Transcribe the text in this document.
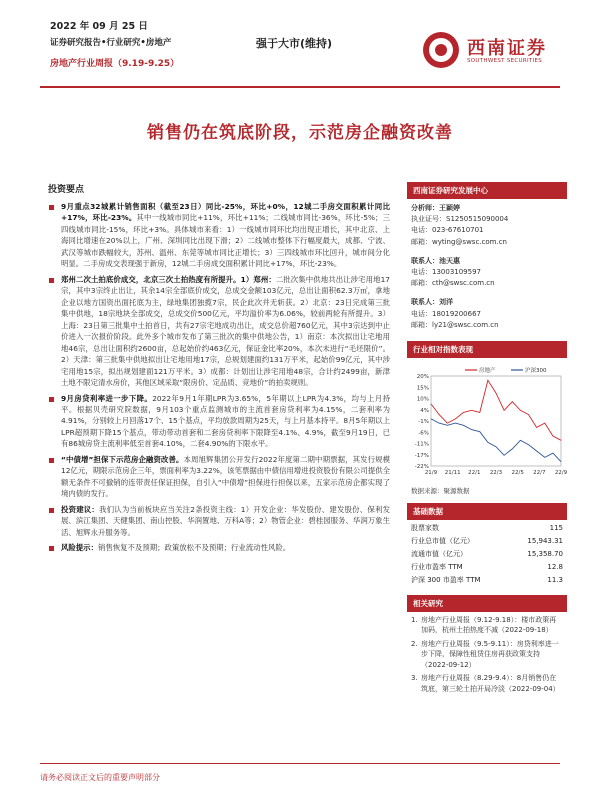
2022 年 09 月 25 日
证券研究报告•行业研究•房地产
房地产行业周报（9.19-9.25）
强于大市(维持)	西南证券
SOUTHWEST SECURITIES
销售仍在筑底阶段，示范房企融资改善
投资要点
9月重点32城累计销售面积（截至23日）同比-25%，环比+0%，12城二手房交面积累计同比+17%，环比-23%。其中一线城市同比+11%，环比+11%；二线城市同比-36%，环比-5%；三四线城市同比-15%，环比+3%。具体城市来看：1）一线城市同环比均出现正增长，其中北京、上海同比增速在20%以上，广州、深圳同比出现下滑；2）二线城市整体下行幅度最大，成都、宁波、武汉等城市跌幅较大，苏州、温州、东莞等城市同比正增长；3）三四线城市环比回升，城市间分化明显。二手房成交表现强于新房，12城二手房成交面积累计同比+17%，环比-23%。
郑州二次土拍底价成交，北京三次土拍热度有所提升。1）郑州：二批次集中供地共出让涉宅用地17宗，其中3宗终止出让，其余14宗全部底价成交，总成交金额103亿元，总出让面积62.3万㎡，拿地企业以地方国资出面托底为主，绿地集团独揽7宗，民企此次并无斩获。2）北京：23日完成第三批集中供地，18宗地块全部成交，总成交价500亿元，平均溢价率为6.06%，较前两轮有所提升。3）上海：23日第三批集中土拍首日，共有27宗宅地成功出让，成交总价超760亿元，其中3宗达到中止价进入一次报价阶段。此外多个城市发布了第三批次的集中供地公告，1）南京：本次拟出让宅地用地46宗，总出让面积约2600亩，总起始价约463亿元，保证金比率20%，本次未进行“毛坯限价”。2）天津：第三批集中供地拟出让宅地用地17宗，总规划建面约131万平米，起始价99亿元，其中涉宅用地15宗，拟出规划建面121万平米。3）成都：计划出让涉宅用地48宗，合计约2499亩，新津土地不限定清水房价，其他区域采取“限房价、定品质、竞地价”的拍卖规则。
9月房贷利率进一步下降。2022年9月1年期LPR为3.65%，5年期以上LPR为4.3%，均与上月持平。根据贝壳研究院数据，9月103个重点监测城市的主流首套房贷利率为4.15%，二套利率为4.91%，分别较上月回落17个、15个基点，平均放款周期为25天，与上月基本持平。8月5年期以上LPR超预期下降15个基点，带动带动首套和二套房贷利率下限降至4.1%、4.9%，截至9月19日，已有86城房贷主流利率低至首套4.10%，二套4.90%的下限水平。
“中债增”担保下示范房企融资改善。本周旭辉集团公开发行2022年度第二期中期票据，其发行规模12亿元，期限示范房企三年，票面利率为3.22%，该笔票据由中债信用增进投资股份有限公司提供全额无条件不可撤销的连带责任保证担保，自引入“中债增”担保进行担保以来，五家示范房企都实现了境内债的发行。
投资建议：我们认为当前板块应当关注2条投资主线：1）开发企业：华发股份、建发股份、保利发展、滨江集团、天健集团、南山控股、华润置地、万科A等；2）物管企业：碧桂园服务、华润万象生活、旭辉永升服务等。
风险提示：销售恢复不及预期；政策放松不及预期；行业流动性风险。
西南证券研究发展中心
分析师：王颖婷
执业证号：S1250515090004
电话：023-67610701
邮箱：wyting@swsc.com.cn
联系人：池天惠
电话：13003109597
邮箱：cth@swsc.com.cn
联系人：刘洋
电话：18019200667
邮箱：ly21@swsc.com.cn
行业相对指数表现
20%
15%
10%
4%
-1%
-6%
-11%
-17%
-22%
21/9 21/11 22/1 22/3 22/5 22/7 22/9
房地产	沪深300
数据来源：聚源数据
基础数据
股票家数	115
行业总市值（亿元）	15,943.31
流通市值（亿元）	15,358.70
行业市盈率 TTM	12.8
沪深 300 市盈率 TTM	11.3
相关研究
1. 房地产行业周报（9.12-9.18）：楼市政策再加码，杭州土拍热度不减（2022-09-18）
2. 房地产行业周报（9.5-9.11）：房贷利率进一步下降，保障性租赁住房再获政策支持（2022-09-12）
3. 房地产行业周报（8.29-9.4）：8月销售仍在筑底，第三轮土拍开局冷淡（2022-09-04）
请务必阅读正文后的重要声明部分
